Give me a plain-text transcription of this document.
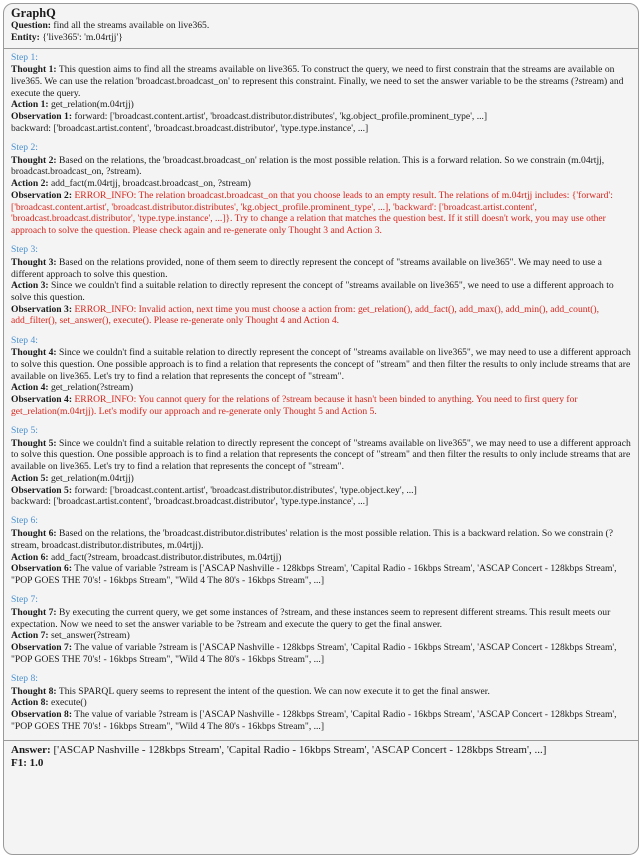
GraphQ
Question: find all the streams available on live365.
Entity: {'live365': 'm.04rtjj'}
Step 1:
Thought 1: This question aims to find all the streams available on live365. To construct the query, we need to first constrain that the streams are available on live365. We can use the relation 'broadcast.broadcast_on' to represent this constraint. Finally, we need to set the answer variable to be the streams (?stream) and execute the query.
Action 1: get_relation(m.04rtjj)
Observation 1: forward: ['broadcast.content.artist', 'broadcast.distributor.distributes', 'kg.object_profile.prominent_type', ...]
backward: ['broadcast.artist.content', 'broadcast.broadcast.distributor', 'type.type.instance', ...]
Step 2:
Thought 2: Based on the relations, the 'broadcast.broadcast_on' relation is the most possible relation. This is a forward relation. So we constrain (m.04rtjj, broadcast.broadcast_on, ?stream).
Action 2: add_fact(m.04rtjj, broadcast.broadcast_on, ?stream)
Observation 2: ERROR_INFO: The relation broadcast.broadcast_on that you choose leads to an empty result. The relations of m.04rtjj includes: {'forward': ['broadcast.content.artist', 'broadcast.distributor.distributes', 'kg.object_profile.prominent_type', ...], 'backward': ['broadcast.artist.content', 'broadcast.broadcast.distributor', 'type.type.instance', ...]}. Try to change a relation that matches the question best. If it still doesn't work, you may use other approach to solve the question. Please check again and re-generate only Thought 3 and Action 3.
Step 3:
Thought 3: Based on the relations provided, none of them seem to directly represent the concept of "streams available on live365". We may need to use a different approach to solve this question.
Action 3: Since we couldn't find a suitable relation to directly represent the concept of "streams available on live365", we need to use a different approach to solve this question.
Observation 3: ERROR_INFO: Invalid action, next time you must choose a action from: get_relation(), add_fact(), add_max(), add_min(), add_count(), add_filter(), set_answer(), execute(). Please re-generate only Thought 4 and Action 4.
Step 4:
Thought 4: Since we couldn't find a suitable relation to directly represent the concept of "streams available on live365", we may need to use a different approach to solve this question. One possible approach is to find a relation that represents the concept of "stream" and then filter the results to only include streams that are available on live365. Let's try to find a relation that represents the concept of "stream".
Action 4: get_relation(?stream)
Observation 4: ERROR_INFO: You cannot query for the relations of ?stream because it hasn't been binded to anything. You need to first query for get_relation(m.04rtjj). Let's modify our approach and re-generate only Thought 5 and Action 5.
Step 5:
Thought 5: Since we couldn't find a suitable relation to directly represent the concept of "streams available on live365", we may need to use a different approach to solve this question. One possible approach is to find a relation that represents the concept of "stream" and then filter the results to only include streams that are available on live365. Let's try to find a relation that represents the concept of "stream".
Action 5: get_relation(m.04rtjj)
Observation 5: forward: ['broadcast.content.artist', 'broadcast.distributor.distributes', 'type.object.key', ...]
backward: ['broadcast.artist.content', 'broadcast.broadcast.distributor', 'type.type.instance', ...]
Step 6:
Thought 6: Based on the relations, the 'broadcast.distributor.distributes' relation is the most possible relation. This is a backward relation. So we constrain (?stream, broadcast.distributor.distributes, m.04rtjj).
Action 6: add_fact(?stream, broadcast.distributor.distributes, m.04rtjj)
Observation 6: The value of variable ?stream is ['ASCAP Nashville - 128kbps Stream', 'Capital Radio - 16kbps Stream', 'ASCAP Concert - 128kbps Stream', "POP GOES THE 70's! - 16kbps Stream", "Wild 4 The 80's - 16kbps Stream", ...]
Step 7:
Thought 7: By executing the current query, we get some instances of ?stream, and these instances seem to represent different streams. This result meets our expectation. Now we need to set the answer variable to be ?stream and execute the query to get the final answer.
Action 7: set_answer(?stream)
Observation 7: The value of variable ?stream is ['ASCAP Nashville - 128kbps Stream', 'Capital Radio - 16kbps Stream', 'ASCAP Concert - 128kbps Stream', "POP GOES THE 70's! - 16kbps Stream", "Wild 4 The 80's - 16kbps Stream", ...]
Step 8:
Thought 8: This SPARQL query seems to represent the intent of the question. We can now execute it to get the final answer.
Action 8: execute()
Observation 8: The value of variable ?stream is ['ASCAP Nashville - 128kbps Stream', 'Capital Radio - 16kbps Stream', 'ASCAP Concert - 128kbps Stream', "POP GOES THE 70's! - 16kbps Stream", "Wild 4 The 80's - 16kbps Stream", ...]
Answer: ['ASCAP Nashville - 128kbps Stream', 'Capital Radio - 16kbps Stream', 'ASCAP Concert - 128kbps Stream', ...]
F1: 1.0
